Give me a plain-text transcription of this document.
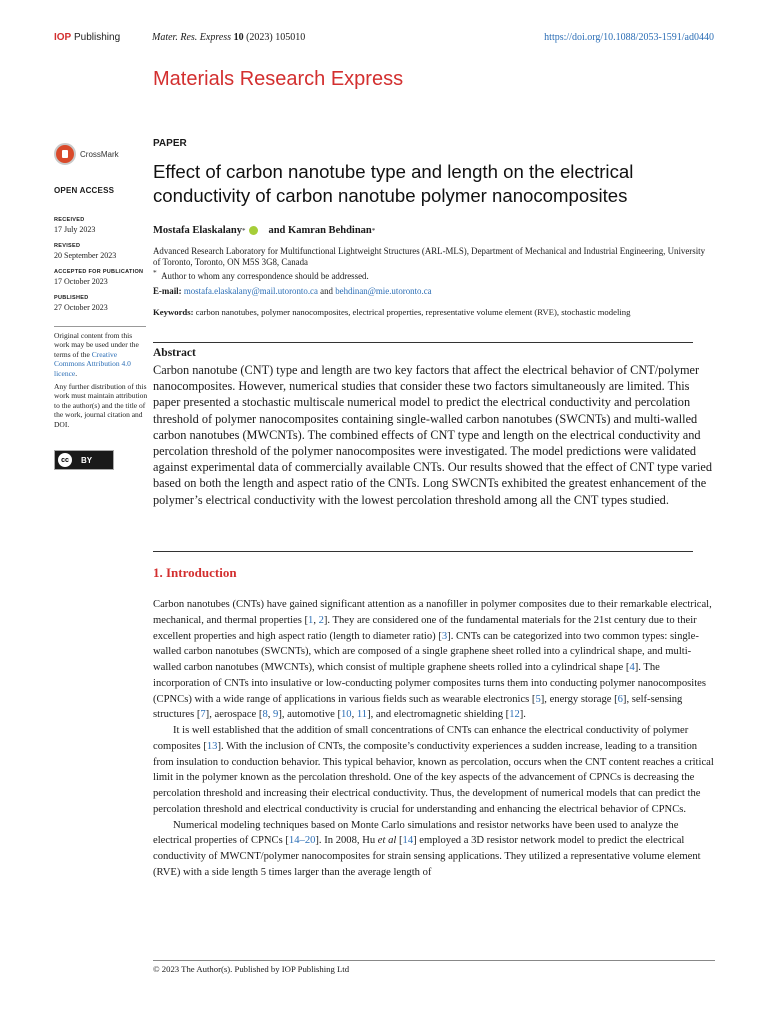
IOP Publishing	Mater. Res. Express 10 (2023) 105010	https://doi.org/10.1088/2053-1591/ad0440
Materials Research Express
CrossMark
OPEN ACCESS
RECEIVED
17 July 2023
REVISED
20 September 2023
ACCEPTED FOR PUBLICATION
17 October 2023
PUBLISHED
27 October 2023

Original content from this work may be used under the terms of the Creative Commons Attribution 4.0 licence.

Any further distribution of this work must maintain attribution to the author(s) and the title of the work, journal citation and DOI.

cc	BY
PAPER
Effect of carbon nanotube type and length on the electrical conductivity of carbon nanotube polymer nanocomposites
Mostafa Elaskalany * and Kamran Behdinan *
Advanced Research Laboratory for Multifunctional Lightweight Structures (ARL-MLS), Department of Mechanical and Industrial Engineering, University of Toronto, Toronto, ON M5S 3G8, Canada
* Author to whom any correspondence should be addressed.
E-mail: mostafa.elaskalany@mail.utoronto.ca and behdinan@mie.utoronto.ca
Keywords: carbon nanotubes, polymer nanocomposites, electrical properties, representative volume element (RVE), stochastic modeling
Abstract
Carbon nanotube (CNT) type and length are two key factors that affect the electrical behavior of CNT/polymer nanocomposites. However, numerical studies that consider these two factors simultaneously are limited. This paper presented a stochastic multiscale numerical model to predict the electrical conductivity and percolation threshold of polymer nanocomposites containing single-walled carbon nanotubes (SWCNTs) and multi-walled carbon nanotubes (MWCNTs). The combined effects of CNT type and length on the electrical conductivity and percolation threshold of the polymer nanocomposites were investigated. The model predictions were validated against experimental data of commercially available CNTs. Our results showed that the effect of CNT type varied based on both the length and aspect ratio of the CNTs. Long SWCNTs exhibited the greatest enhancement of the polymer’s electrical conductivity with the lowest percolation threshold among all the CNT types studied.
1. Introduction

Carbon nanotubes (CNTs) have gained significant attention as a nanofiller in polymer composites due to their remarkable electrical, mechanical, and thermal properties [1, 2]. They are considered one of the fundamental materials for the 21st century due to their excellent properties and high aspect ratio (length to diameter ratio) [3]. CNTs can be categorized into two common types: single-walled carbon nanotubes (SWCNTs), which are composed of a single graphene sheet rolled into a cylindrical shape, and multi-walled carbon nanotubes (MWCNTs), which consist of multiple graphene sheets rolled into a cylindrical shape [4]. The incorporation of CNTs into insulative or low-conducting polymer composites turns them into conducting polymer nanocomposites (CPNCs) with a wide range of applications in various fields such as wearable electronics [5], energy storage [6], self-sensing structures [7], aerospace [8, 9], automotive [10, 11], and electromagnetic shielding [12].

It is well established that the addition of small concentrations of CNTs can enhance the electrical conductivity of polymer composites [13]. With the inclusion of CNTs, the composite’s conductivity experiences a sudden increase, leading to a transition from insulation to conduction behavior. This typical behavior, known as percolation, occurs when the CNT content reaches a critical limit in the polymer known as the percolation threshold. One of the key aspects of the advancement of CPNCs is decreasing the percolation threshold and increasing their electrical conductivity. Thus, the development of numerical models that can predict the percolation threshold and electrical conductivity is crucial for understanding and enhancing the electrical behavior of CPNCs.

Numerical modeling techniques based on Monte Carlo simulations and resistor networks have been used to analyze the electrical properties of CPNCs [14–20]. In 2008, Hu et al [14] employed a 3D resistor network model to predict the electrical conductivity of MWCNT/polymer nanocomposites for strain sensing applications. They utilized a representative volume element (RVE) with a side length 5 times larger than the average length of

© 2023 The Author(s). Published by IOP Publishing Ltd
